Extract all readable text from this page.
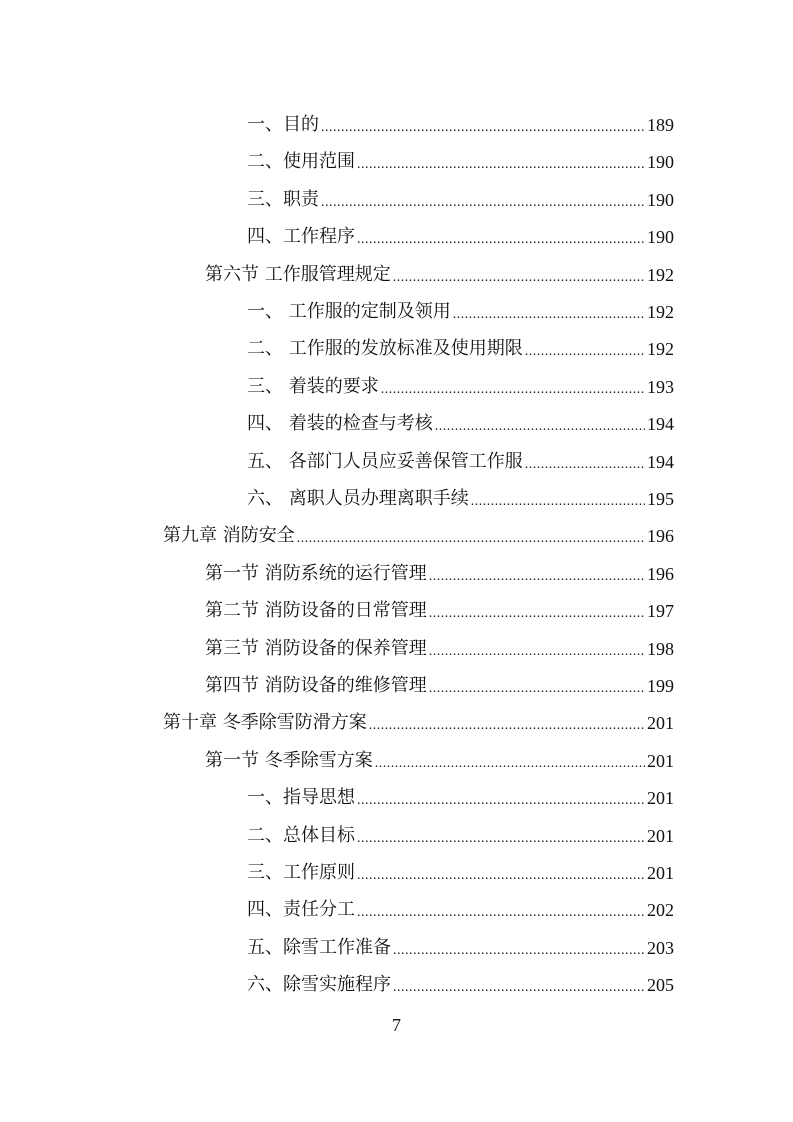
一、目的 .....	189
二、使用范围 .....	190
三、职责 .....	190
四、工作程序 .....	190
第六节 工作服管理规定 .....	192
一、 工作服的定制及领用 .....	192
二、 工作服的发放标准及使用期限 .....	192
三、 着装的要求 .....	193
四、 着装的检查与考核 .....	194
五、 各部门人员应妥善保管工作服 .....	194
六、 离职人员办理离职手续 .....	195
第九章 消防安全 .....	196
第一节 消防系统的运行管理 .....	196
第二节 消防设备的日常管理 .....	197
第三节 消防设备的保养管理 .....	198
第四节 消防设备的维修管理 .....	199
第十章 冬季除雪防滑方案 .....	201
第一节 冬季除雪方案 .....	201
一、指导思想 .....	201
二、总体目标 .....	201
三、工作原则 .....	201
四、责任分工 .....	202
五、除雪工作准备 .....	203
六、除雪实施程序 .....	205
7
